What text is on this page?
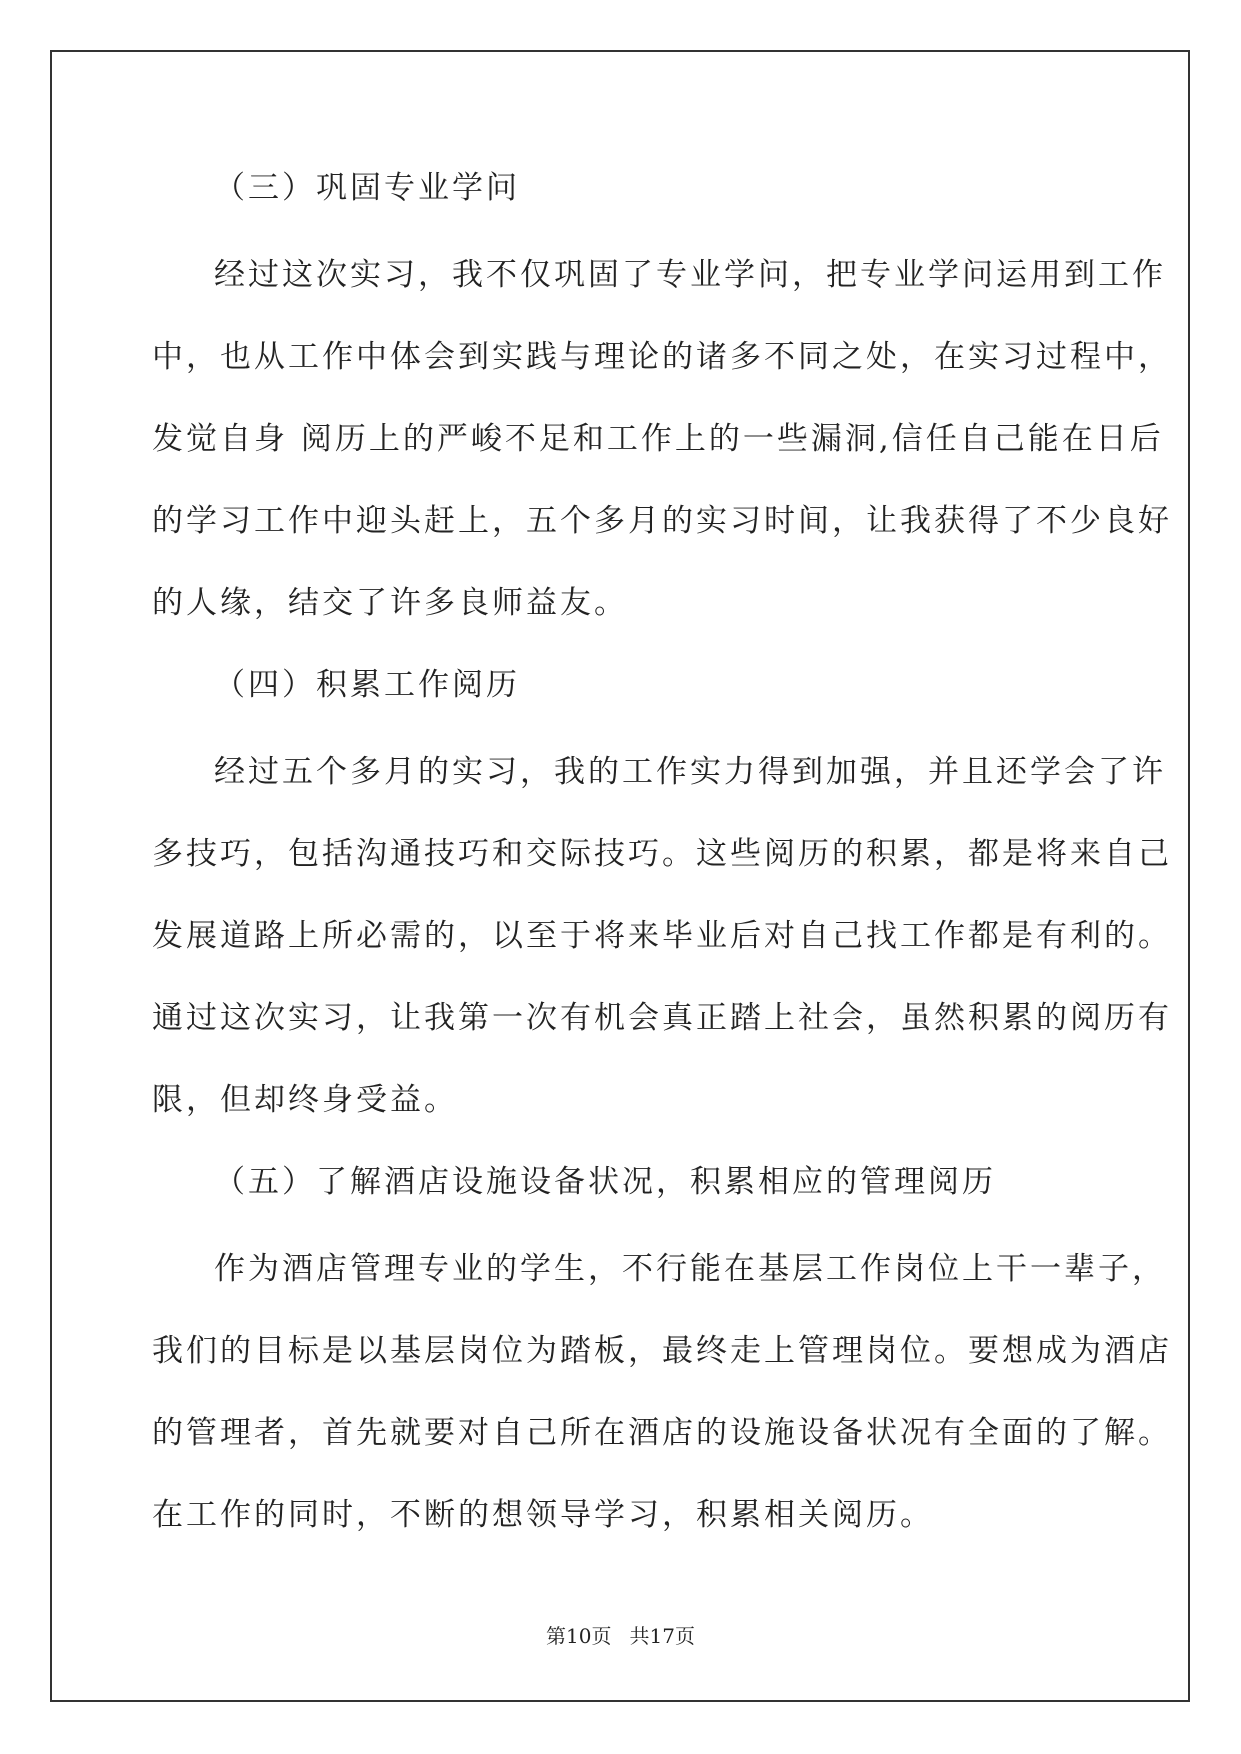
（三）巩固专业学问
经过这次实习，我不仅巩固了专业学问，把专业学问运用到工作
中，也从工作中体会到实践与理论的诸多不同之处，在实习过程中，
发觉自身 阅历上的严峻不足和工作上的一些漏洞,信任自己能在日后
的学习工作中迎头赶上，五个多月的实习时间，让我获得了不少良好
的人缘，结交了许多良师益友。
（四）积累工作阅历
经过五个多月的实习，我的工作实力得到加强，并且还学会了许
多技巧，包括沟通技巧和交际技巧。这些阅历的积累，都是将来自己
发展道路上所必需的，以至于将来毕业后对自己找工作都是有利的。
通过这次实习，让我第一次有机会真正踏上社会，虽然积累的阅历有
限，但却终身受益。
（五）了解酒店设施设备状况，积累相应的管理阅历
作为酒店管理专业的学生，不行能在基层工作岗位上干一辈子，
我们的目标是以基层岗位为踏板，最终走上管理岗位。要想成为酒店
的管理者，首先就要对自己所在酒店的设施设备状况有全面的了解。
在工作的同时，不断的想领导学习，积累相关阅历。
第10页 共17页
